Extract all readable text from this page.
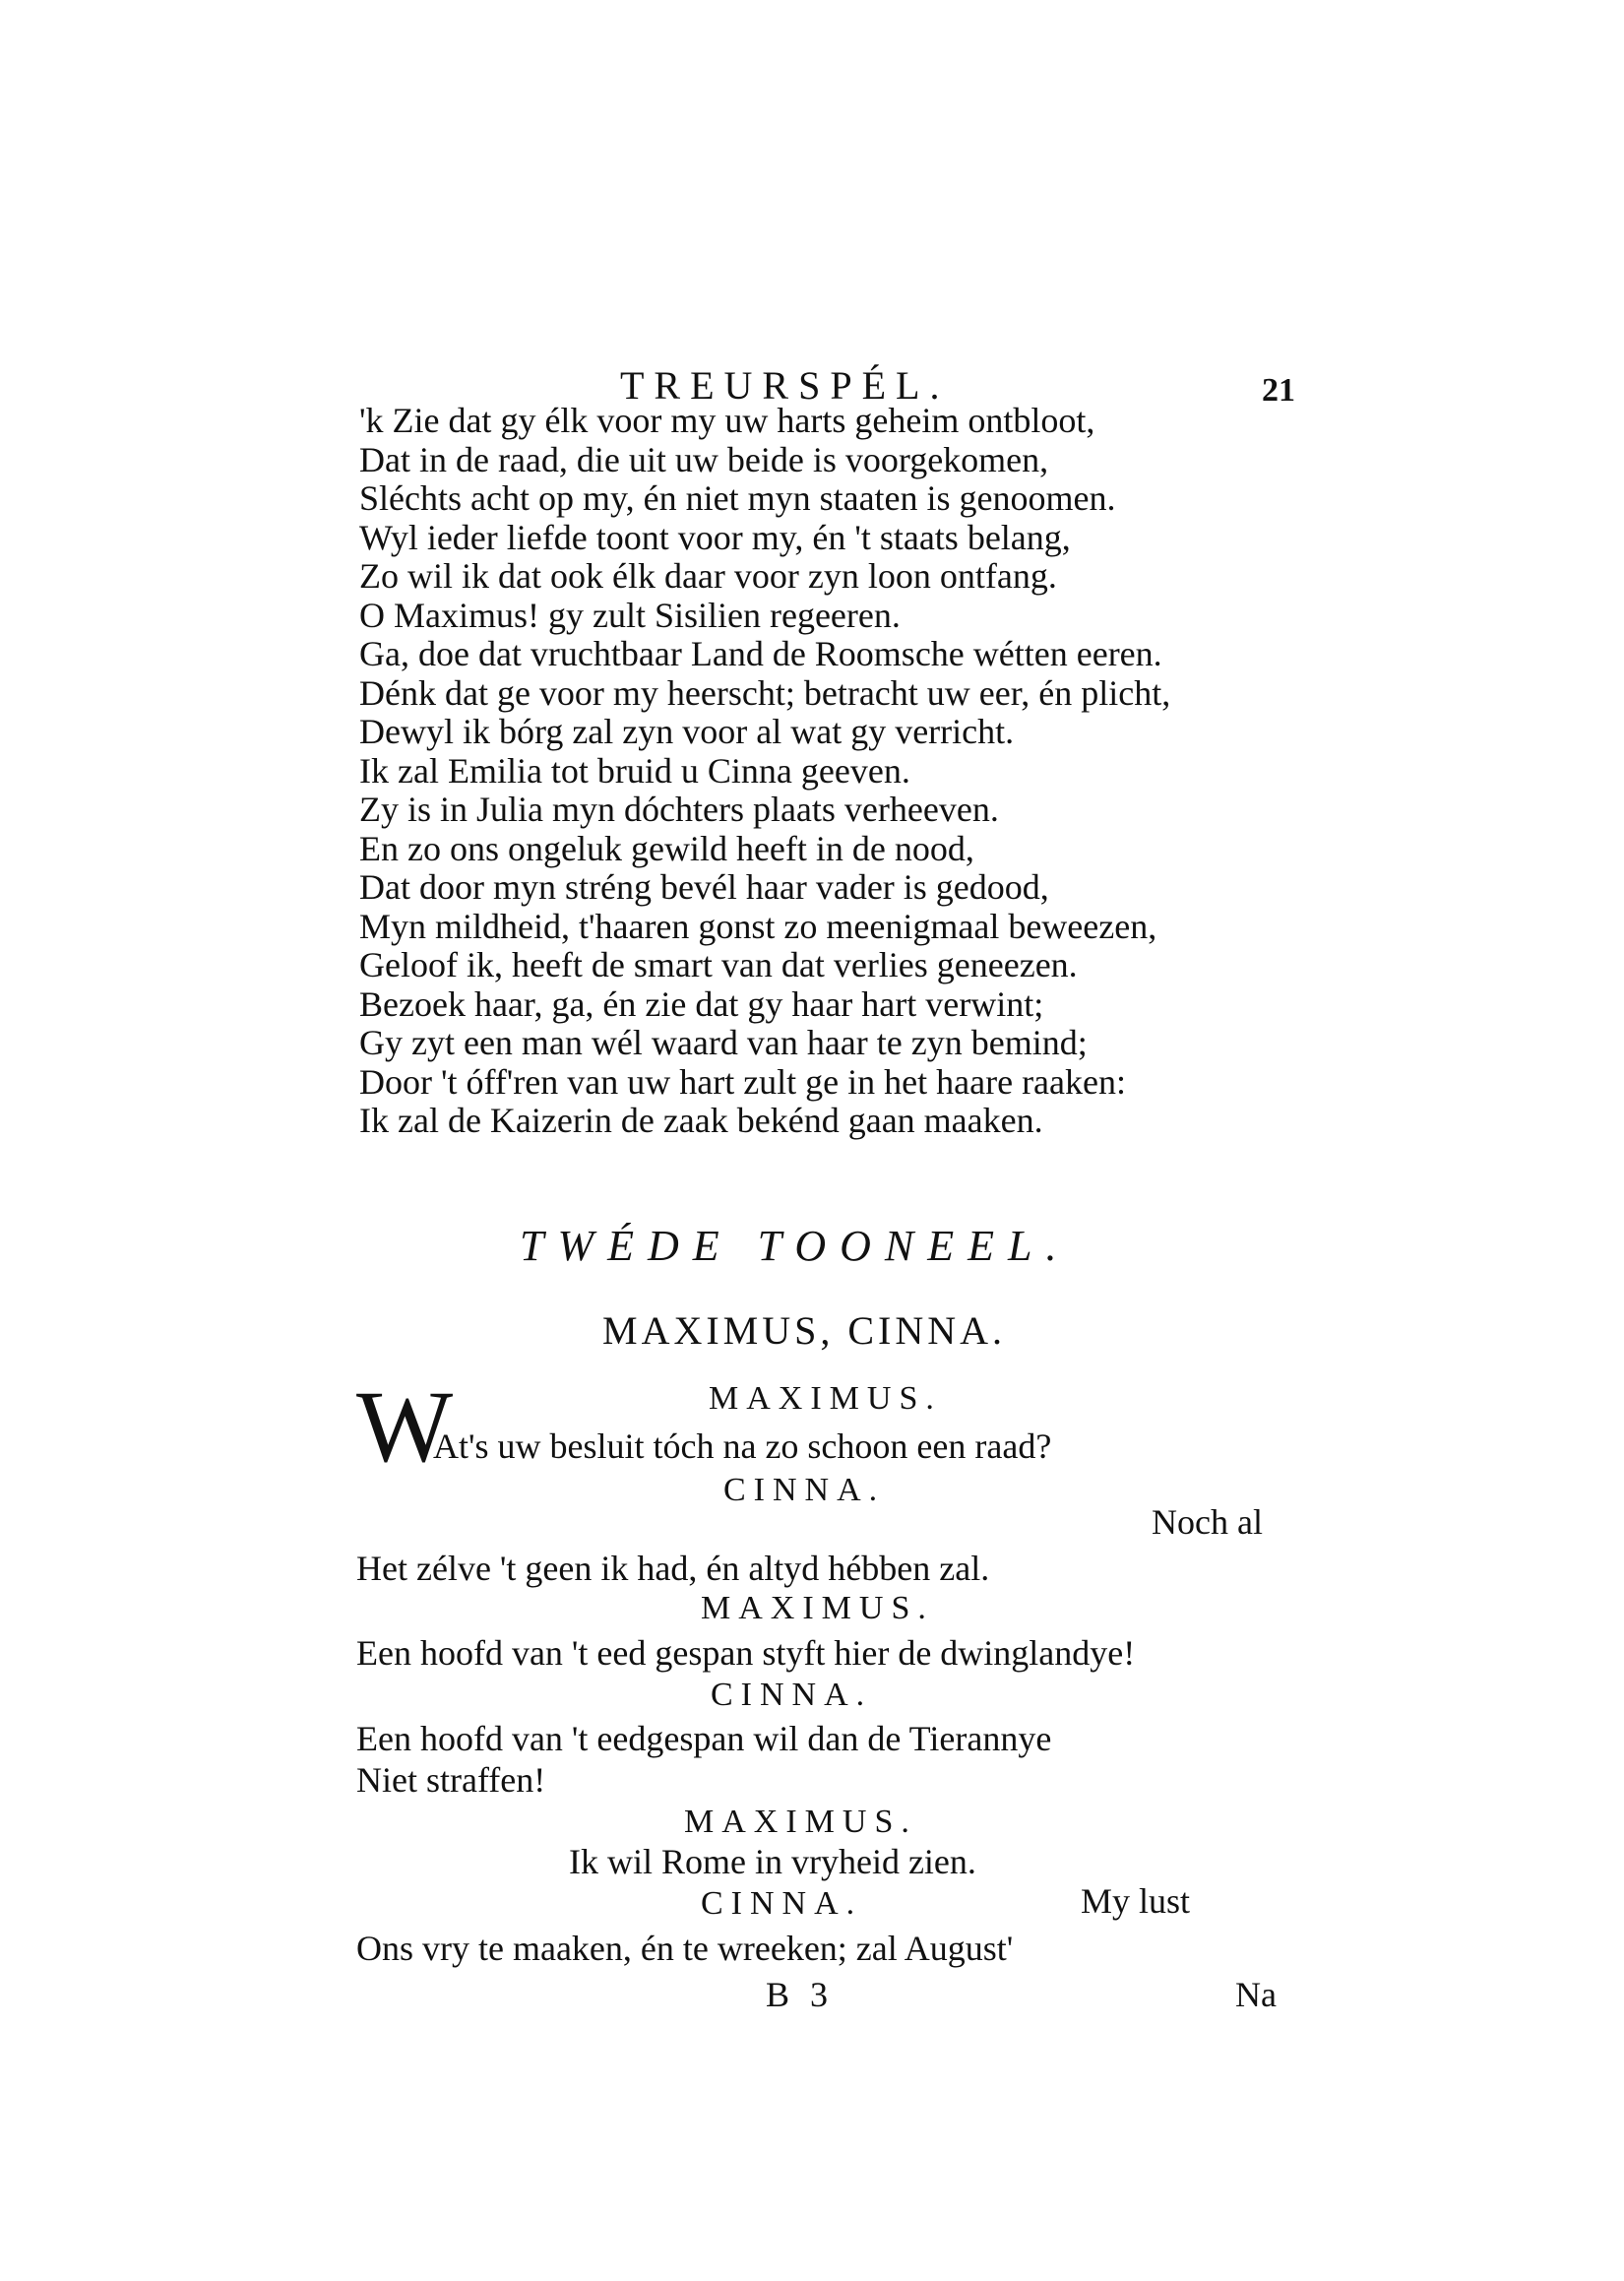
TREURSPÉL.	21
'k Zie dat gy élk voor my uw harts geheim ontbloot,
Dat in de raad, die uit uw beide is voorgekomen,
Sléchts acht op my, én niet myn staaten is genoomen.
Wyl ieder liefde toont voor my, én 't staats belang,
Zo wil ik dat ook élk daar voor zyn loon ontfang.
O Maximus! gy zult Sisilien regeeren.
Ga, doe dat vruchtbaar Land de Roomsche wétten eeren.
Dénk dat ge voor my heerscht; betracht uw eer, én plicht,
Dewyl ik bórg zal zyn voor al wat gy verricht.
Ik zal Emilia tot bruid u Cinna geeven.
Zy is in Julia myn dóchters plaats verheeven.
En zo ons ongeluk gewild heeft in de nood,
Dat door myn stréng bevél haar vader is gedood,
Myn mildheid, t'haaren gonst zo meenigmaal beweezen,
Geloof ik, heeft de smart van dat verlies geneezen.
Bezoek haar, ga, én zie dat gy haar hart verwint;
Gy zyt een man wél waard van haar te zyn bemind;
Door 't óff'ren van uw hart zult ge in het haare raaken:
Ik zal de Kaizerin de zaak bekénd gaan maaken.
TWÉDE TOONEEL.
MAXIMUS, CINNA.
W	MAXIMUS.
At's uw besluit tóch na zo schoon een raad?
CINNA.
Noch al
Het zélve 't geen ik had, én altyd hébben zal.
MAXIMUS.
Een hoofd van 't eed gespan styft hier de dwinglandye!
CINNA.
Een hoofd van 't eedgespan wil dan de Tierannye
Niet straffen!
MAXIMUS.
Ik wil Rome in vryheid zien.
CINNA.	My lust
Ons vry te maaken, én te wreeken; zal August'
B 3	Na
